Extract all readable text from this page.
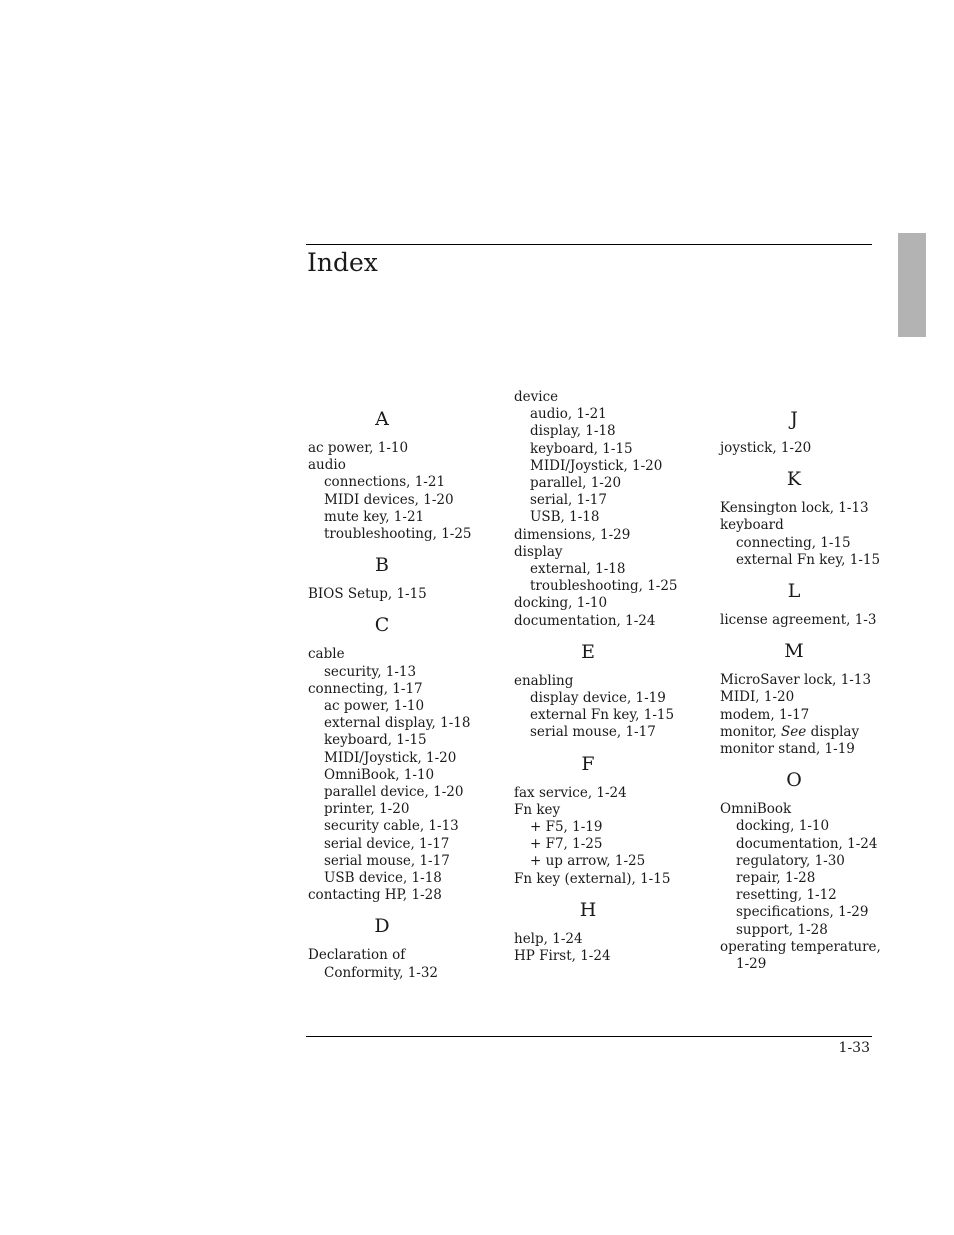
Index
A
ac power, 1-10
audio
connections, 1-21
MIDI devices, 1-20
mute key, 1-21
troubleshooting, 1-25
B
BIOS Setup, 1-15
C
cable
security, 1-13
connecting, 1-17
ac power, 1-10
external display, 1-18
keyboard, 1-15
MIDI/Joystick, 1-20
OmniBook, 1-10
parallel device, 1-20
printer, 1-20
security cable, 1-13
serial device, 1-17
serial mouse, 1-17
USB device, 1-18
contacting HP, 1-28
D
Declaration of
Conformity, 1-32
device
audio, 1-21
display, 1-18
keyboard, 1-15
MIDI/Joystick, 1-20
parallel, 1-20
serial, 1-17
USB, 1-18
dimensions, 1-29
display
external, 1-18
troubleshooting, 1-25
docking, 1-10
documentation, 1-24
E
enabling
display device, 1-19
external Fn key, 1-15
serial mouse, 1-17
F
fax service, 1-24
Fn key
+ F5, 1-19
+ F7, 1-25
+ up arrow, 1-25
Fn key (external), 1-15
H
help, 1-24
HP First, 1-24
J
joystick, 1-20
K
Kensington lock, 1-13
keyboard
connecting, 1-15
external Fn key, 1-15
L
license agreement, 1-3
M
MicroSaver lock, 1-13
MIDI, 1-20
modem, 1-17
monitor, See display
monitor stand, 1-19
O
OmniBook
docking, 1-10
documentation, 1-24
regulatory, 1-30
repair, 1-28
resetting, 1-12
specifications, 1-29
support, 1-28
operating temperature,
1-29
1-33
